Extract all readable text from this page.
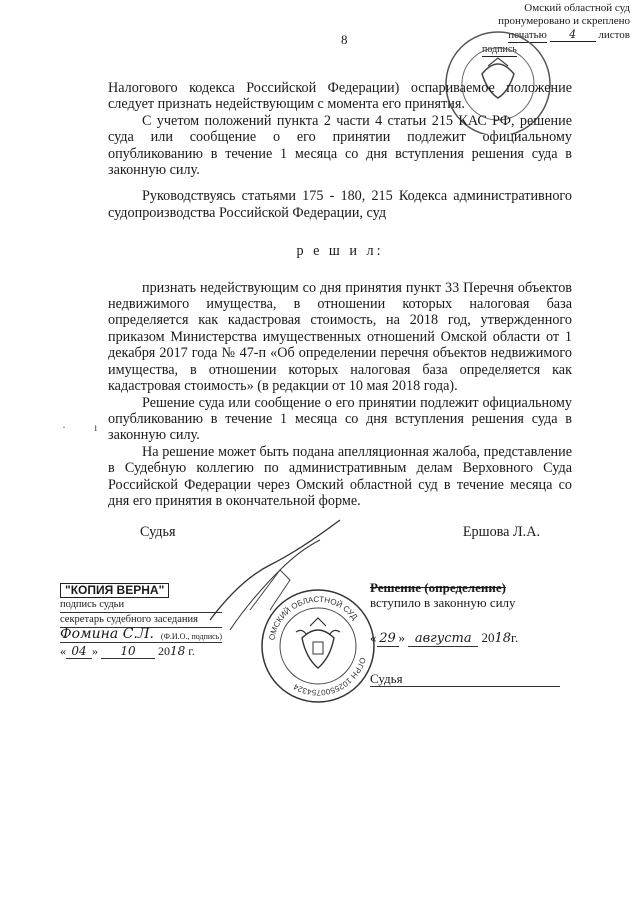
Омский областной суд
пронумеровано и скреплено
печатью 4 листов
подпись
8

Налогового кодекса Российской Федерации) оспариваемое положение следует признать недействующим с момента его принятия.

С учетом положений пункта 2 части 4 статьи 215 КАС РФ, решение суда или сообщение о его принятии подлежит официальному опубликованию в течение 1 месяца со дня вступления решения суда в законную силу.

Руководствуясь статьями 175 - 180, 215 Кодекса административного судопроизводства Российской Федерации, суд

р е ш и л:

признать недействующим со дня принятия пункт 33 Перечня объектов недвижимого имущества, в отношении которых налоговая база определяется как кадастровая стоимость, на 2018 год, утвержденного приказом Министерства имущественных отношений Омской области от 1 декабря 2017 года № 47-п «Об определении перечня объектов недвижимого имущества, в отношении которых налоговая база определяется как кадастровая стоимость» (в редакции от 10 мая 2018 года).

Решение суда или сообщение о его принятии подлежит официальному опубликованию в течение 1 месяца со дня вступления решения суда в законную силу.

На решение может быть подана апелляционная жалоба, представление в Судебную коллегию по административным делам Верховного Суда Российской Федерации через Омский областной суд в течение месяца со дня его принятия в окончательной форме.

Судья	Ершова Л.А.
"КОПИЯ ВЕРНА"
подпись судьи
секретарь судебного заседания
Фомина С.Л. (Ф.И.О., подпись)
« 04 » 10 2018 г.
Решение (определение)
вступило в законную силу
« 29 » августа 2018г.
Судья
ОМСКИЙ ОБЛАСТНОЙ СУД
ОГРН 1025500754324
ı
·
